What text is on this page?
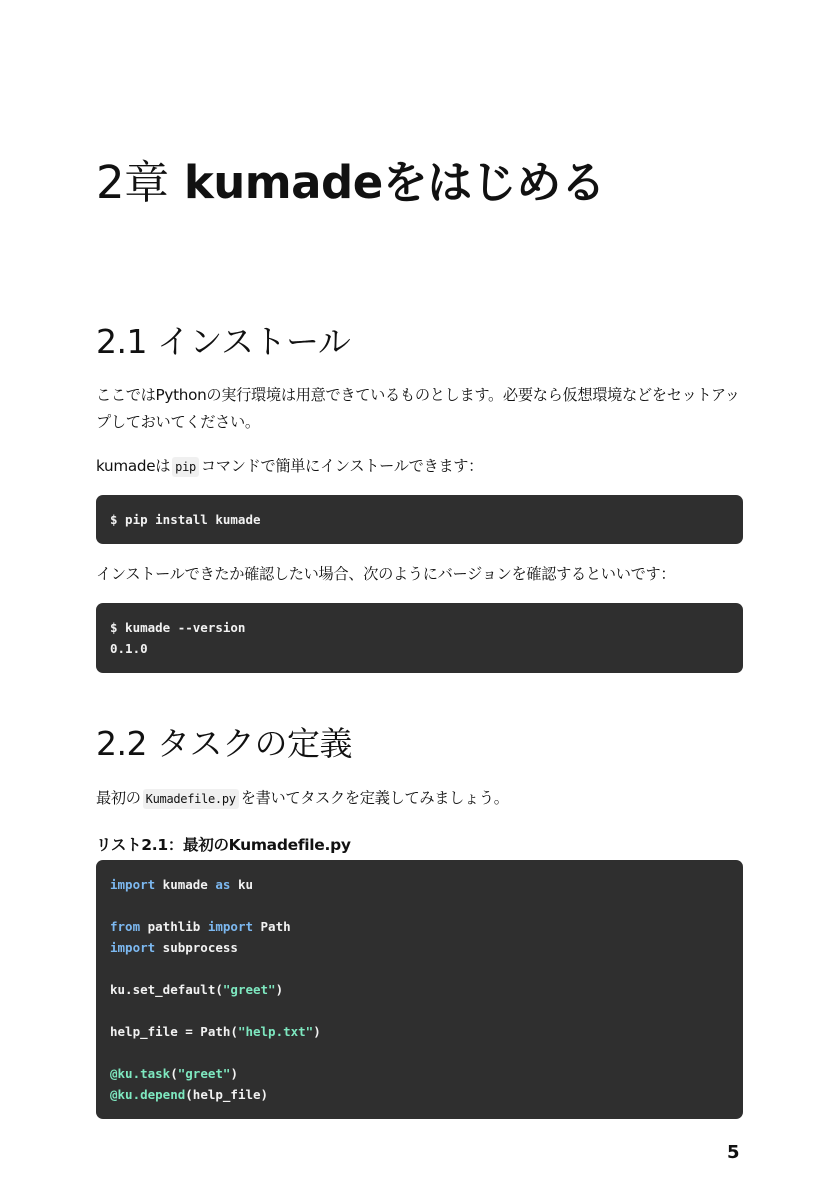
2章 kumadeをはじめる
2.1 インストール

ここではPythonの実行環境は用意できているものとします。必要なら仮想環境などをセットアップしておいてください。

kumadeは pip コマンドで簡単にインストールできます：

$ pip install kumade

インストールできたか確認したい場合、次のようにバージョンを確認するといいです：

$ kumade --version
0.1.0
2.2 タスクの定義

最初の Kumadefile.py を書いてタスクを定義してみましょう。

リスト2.1：最初のKumadefile.py

import kumade as ku
from pathlib import Path
import subprocess
ku.set_default("greet")
help_file = Path("help.txt")
@ku.task("greet")
@ku.depend(help_file)
5
